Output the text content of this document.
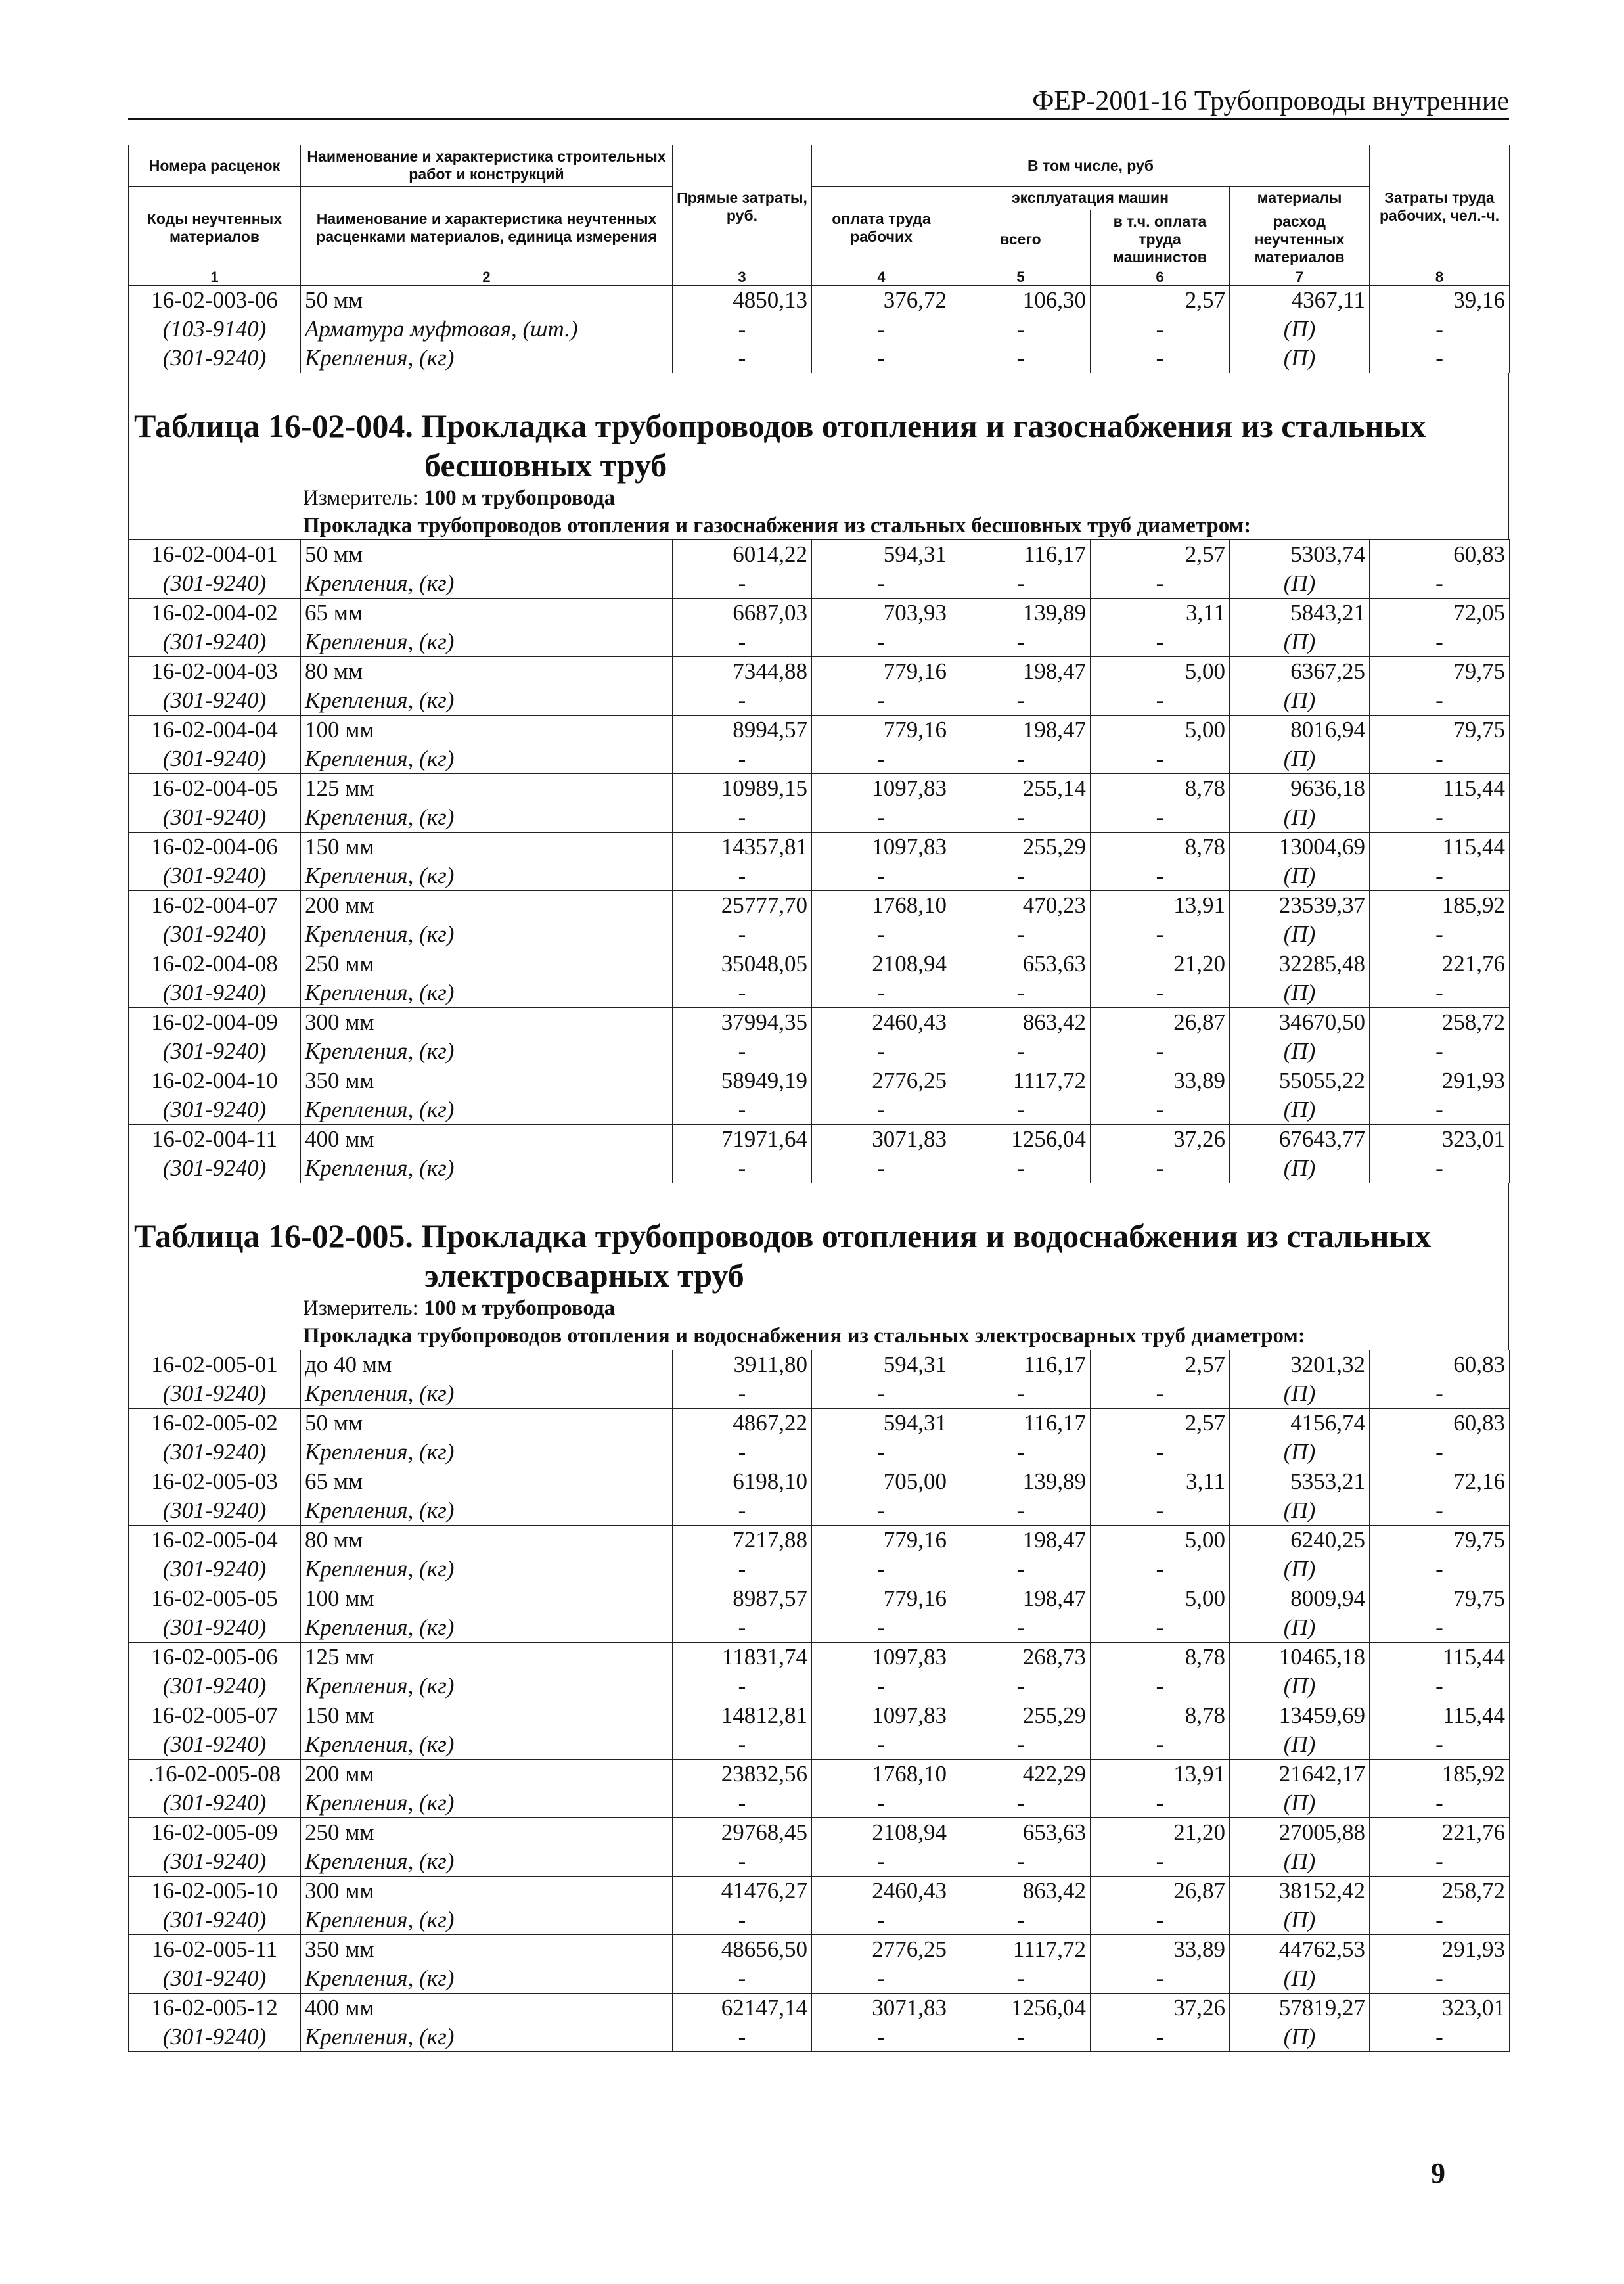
ФЕР-2001-16 Трубопроводы внутренние
Номера расценок	Наименование и характеристика строительных работ и конструкций	Прямые затраты, руб.	В том числе, руб				Затраты труда рабочих, чел.-ч.
Коды неучтенных материалов	Наименование и характеристика неучтенных расценками материалов, единица измерения		оплата труда рабочих	эксплуатация машин		материалы	
				всего	в т.ч. оплата труда машинистов	расход неучтенных материалов	
1	2	3	4	5	6	7	8
16-02-003-06	50 мм	4850,13	376,72	106,30	2,57	4367,11	39,16
(103-9140)	Арматура муфтовая, (шт.)	-	-	-	-	(П)	-
(301-9240)	Крепления, (кг)	-	-	-	-	(П)	-
Таблица 16-02-004. Прокладка трубопроводов отопления и газоснабжения из стальных
бесшовных труб
Измеритель: 100 м трубопровода
Прокладка трубопроводов отопления и газоснабжения из стальных бесшовных труб диаметром:
16-02-004-01	50 мм	6014,22	594,31	116,17	2,57	5303,74	60,83
(301-9240)	Крепления, (кг)	-	-	-	-	(П)	-
16-02-004-02	65 мм	6687,03	703,93	139,89	3,11	5843,21	72,05
(301-9240)	Крепления, (кг)	-	-	-	-	(П)	-
16-02-004-03	80 мм	7344,88	779,16	198,47	5,00	6367,25	79,75
(301-9240)	Крепления, (кг)	-	-	-	-	(П)	-
16-02-004-04	100 мм	8994,57	779,16	198,47	5,00	8016,94	79,75
(301-9240)	Крепления, (кг)	-	-	-	-	(П)	-
16-02-004-05	125 мм	10989,15	1097,83	255,14	8,78	9636,18	115,44
(301-9240)	Крепления, (кг)	-	-	-	-	(П)	-
16-02-004-06	150 мм	14357,81	1097,83	255,29	8,78	13004,69	115,44
(301-9240)	Крепления, (кг)	-	-	-	-	(П)	-
16-02-004-07	200 мм	25777,70	1768,10	470,23	13,91	23539,37	185,92
(301-9240)	Крепления, (кг)	-	-	-	-	(П)	-
16-02-004-08	250 мм	35048,05	2108,94	653,63	21,20	32285,48	221,76
(301-9240)	Крепления, (кг)	-	-	-	-	(П)	-
16-02-004-09	300 мм	37994,35	2460,43	863,42	26,87	34670,50	258,72
(301-9240)	Крепления, (кг)	-	-	-	-	(П)	-
16-02-004-10	350 мм	58949,19	2776,25	1117,72	33,89	55055,22	291,93
(301-9240)	Крепления, (кг)	-	-	-	-	(П)	-
16-02-004-11	400 мм	71971,64	3071,83	1256,04	37,26	67643,77	323,01
(301-9240)	Крепления, (кг)	-	-	-	-	(П)	-
Таблица 16-02-005. Прокладка трубопроводов отопления и водоснабжения из стальных
электросварных труб
Измеритель: 100 м трубопровода
Прокладка трубопроводов отопления и водоснабжения из стальных электросварных труб диаметром:
16-02-005-01	до 40 мм	3911,80	594,31	116,17	2,57	3201,32	60,83
(301-9240)	Крепления, (кг)	-	-	-	-	(П)	-
16-02-005-02	50 мм	4867,22	594,31	116,17	2,57	4156,74	60,83
(301-9240)	Крепления, (кг)	-	-	-	-	(П)	-
16-02-005-03	65 мм	6198,10	705,00	139,89	3,11	5353,21	72,16
(301-9240)	Крепления, (кг)	-	-	-	-	(П)	-
16-02-005-04	80 мм	7217,88	779,16	198,47	5,00	6240,25	79,75
(301-9240)	Крепления, (кг)	-	-	-	-	(П)	-
16-02-005-05	100 мм	8987,57	779,16	198,47	5,00	8009,94	79,75
(301-9240)	Крепления, (кг)	-	-	-	-	(П)	-
16-02-005-06	125 мм	11831,74	1097,83	268,73	8,78	10465,18	115,44
(301-9240)	Крепления, (кг)	-	-	-	-	(П)	-
16-02-005-07	150 мм	14812,81	1097,83	255,29	8,78	13459,69	115,44
(301-9240)	Крепления, (кг)	-	-	-	-	(П)	-
.16-02-005-08	200 мм	23832,56	1768,10	422,29	13,91	21642,17	185,92
(301-9240)	Крепления, (кг)	-	-	-	-	(П)	-
16-02-005-09	250 мм	29768,45	2108,94	653,63	21,20	27005,88	221,76
(301-9240)	Крепления, (кг)	-	-	-	-	(П)	-
16-02-005-10	300 мм	41476,27	2460,43	863,42	26,87	38152,42	258,72
(301-9240)	Крепления, (кг)	-	-	-	-	(П)	-
16-02-005-11	350 мм	48656,50	2776,25	1117,72	33,89	44762,53	291,93
(301-9240)	Крепления, (кг)	-	-	-	-	(П)	-
16-02-005-12	400 мм	62147,14	3071,83	1256,04	37,26	57819,27	323,01
(301-9240)	Крепления, (кг)	-	-	-	-	(П)	-
9
